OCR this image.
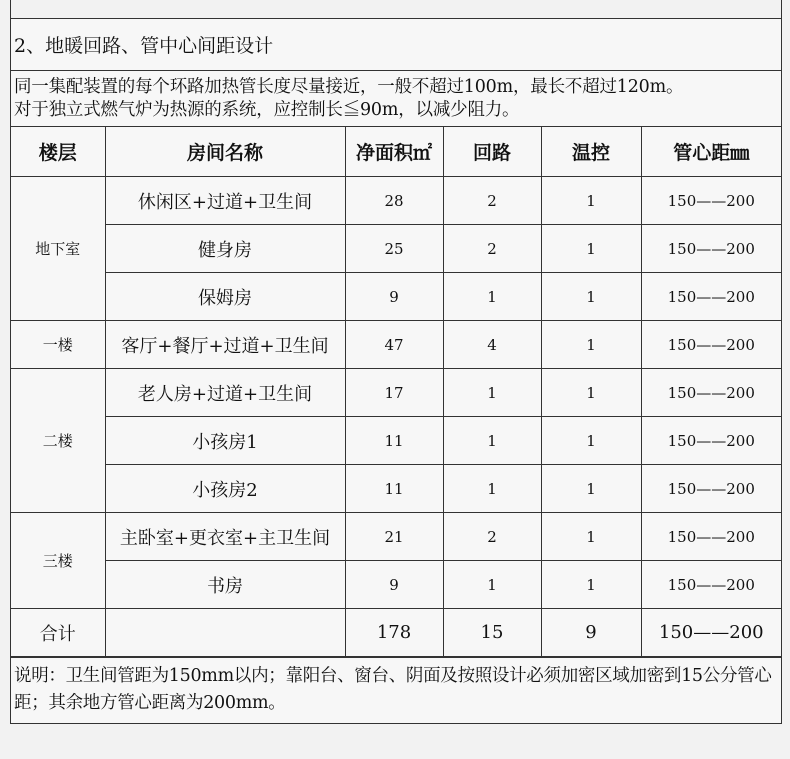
2、地暖回路、管中心间距设计
同一集配装置的每个环路加热管长度尽量接近，一般不超过100m，最长不超过120m。
对于独立式燃气炉为热源的系统，应控制长≦90m，以减少阻力。
楼层	房间名称	净面积㎡	回路	温控	管心距㎜
地下室	休闲区+过道+卫生间	28	2	1	150——200
	健身房	25	2	1	150——200
	保姆房	9	1	1	150——200
一楼	客厅+餐厅+过道+卫生间	47	4	1	150——200
二楼	老人房+过道+卫生间	17	1	1	150——200
	小孩房1	11	1	1	150——200
	小孩房2	11	1	1	150——200
三楼	主卧室+更衣室+主卫生间	21	2	1	150——200
	书房	9	1	1	150——200
合计		178	15	9	150——200
说明：卫生间管距为150mm以内；靠阳台、窗台、阴面及按照设计必须加密区域加密到15公分管心距；其余地方管心距离为200mm。
